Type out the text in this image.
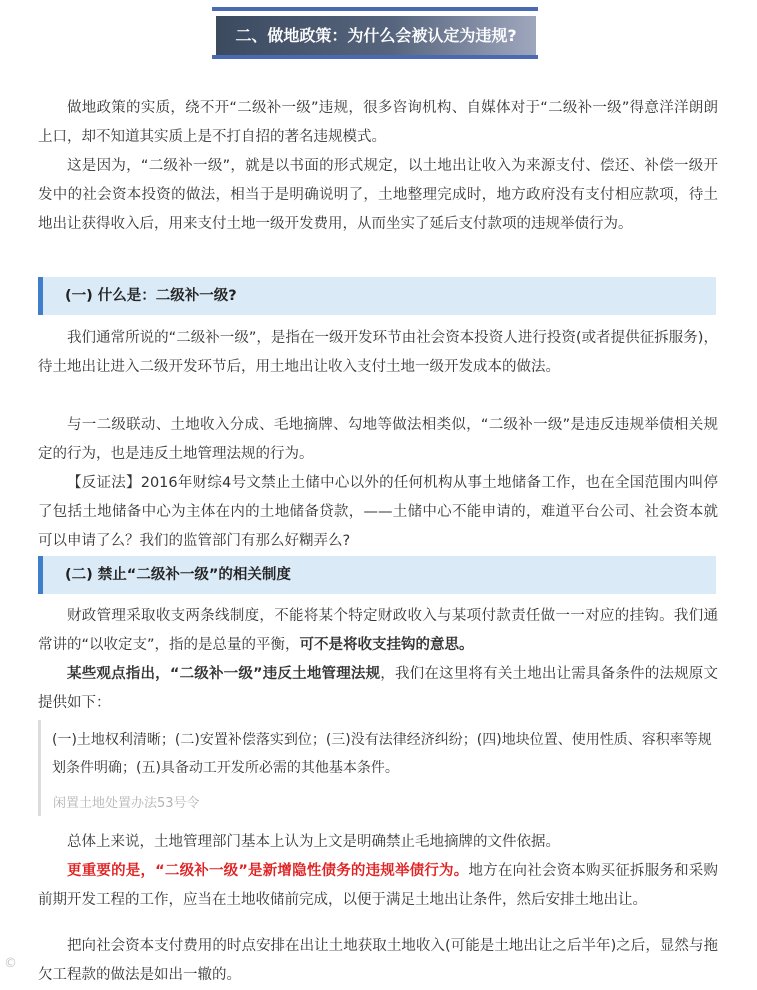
二、做地政策：为什么会被认定为违规?

做地政策的实质，绕不开“二级补一级”违规，很多咨询机构、自媒体对于“二级补一级”得意洋洋朗朗上口，却不知道其实质上是不打自招的著名违规模式。

这是因为，“二级补一级”，就是以书面的形式规定，以土地出让收入为来源支付、偿还、补偿一级开发中的社会资本投资的做法，相当于是明确说明了，土地整理完成时，地方政府没有支付相应款项，待土地出让获得收入后，用来支付土地一级开发费用，从而坐实了延后支付款项的违规举债行为。

(一) 什么是：二级补一级?

我们通常所说的“二级补一级”，是指在一级开发环节由社会资本投资人进行投资(或者提供征拆服务)，待土地出让进入二级开发环节后，用土地出让收入支付土地一级开发成本的做法。

与一二级联动、土地收入分成、毛地摘牌、勾地等做法相类似，“二级补一级”是违反违规举债相关规定的行为，也是违反土地管理法规的行为。

【反证法】2016年财综4号文禁止土储中心以外的任何机构从事土地储备工作，也在全国范围内叫停了包括土地储备中心为主体在内的土地储备贷款，——土储中心不能申请的，难道平台公司、社会资本就可以申请了么？我们的监管部门有那么好糊弄么?

(二) 禁止“二级补一级”的相关制度

财政管理采取收支两条线制度，不能将某个特定财政收入与某项付款责任做一一对应的挂钩。我们通常讲的“以收定支”，指的是总量的平衡，可不是将收支挂钩的意思。

某些观点指出，“二级补一级”违反土地管理法规，我们在这里将有关土地出让需具备条件的法规原文提供如下：

(一)土地权利清晰；(二)安置补偿落实到位；(三)没有法律经济纠纷；(四)地块位置、使用性质、容积率等规划条件明确；(五)具备动工开发所必需的其他基本条件。

闲置土地处置办法53号令

总体上来说，土地管理部门基本上认为上文是明确禁止毛地摘牌的文件依据。

更重要的是，“二级补一级”是新增隐性债务的违规举债行为。地方在向社会资本购买征拆服务和采购前期开发工程的工作，应当在土地收储前完成，以便于满足土地出让条件，然后安排土地出让。

把向社会资本支付费用的时点安排在出让土地获取土地收入(可能是土地出让之后半年)之后，显然与拖欠工程款的做法是如出一辙的。

©
